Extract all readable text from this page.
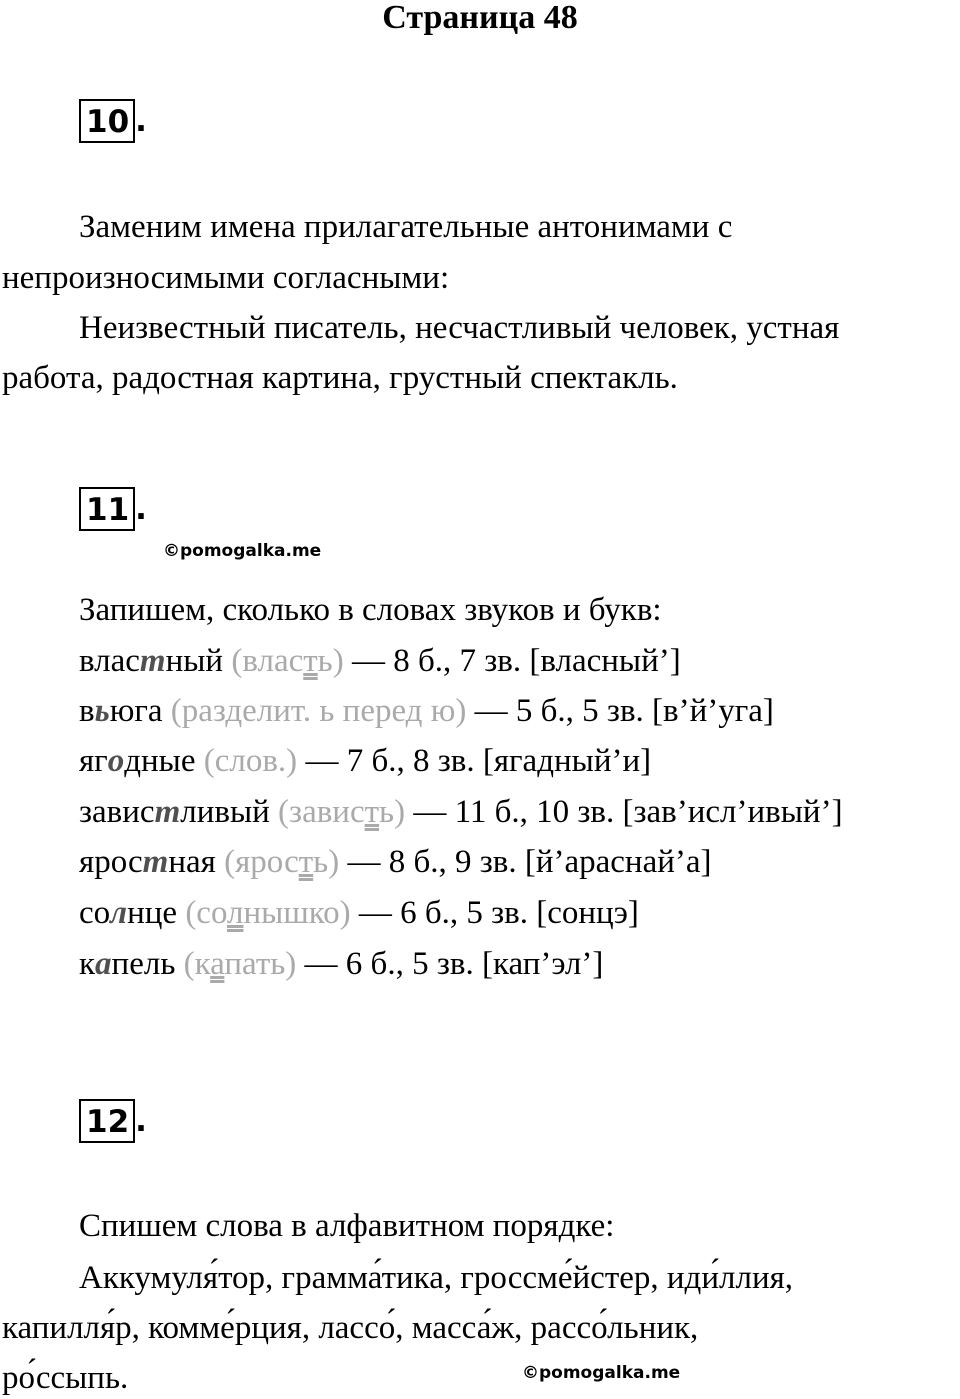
Страница 48
10 .
Заменим имена прилагательные антонимами с
непроизносимыми согласными:
Неизвестный писатель, несчастливый человек, устная
работа, радостная картина, грустный спектакль.
11 .
©pomogalka.me
Запишем, сколько в словах звуков и букв:
властный (власть) — 8 б., 7 зв. [власный’]
вьюга (разделит. ь перед ю) — 5 б., 5 зв. [в’й’уга]
ягодные (слов.) — 7 б., 8 зв. [ягадный’и]
завистливый (зависть) — 11 б., 10 зв. [зав’исл’ивый’]
яростная (ярость) — 8 б., 9 зв. [й’араснай’а]
солнце (солнышко) — 6 б., 5 зв. [сонцэ]
капель (капать) — 6 б., 5 зв. [кап’эл’]
12 .
Спишем слова в алфавитном порядке:
Аккумуля́тор, грамма́тика, гроссме́йстер, иди́ллия,
капилля́р, комме́рция, лассо́, масса́ж, рассо́льник,
ро́ссыпь.	©pomogalka.me
